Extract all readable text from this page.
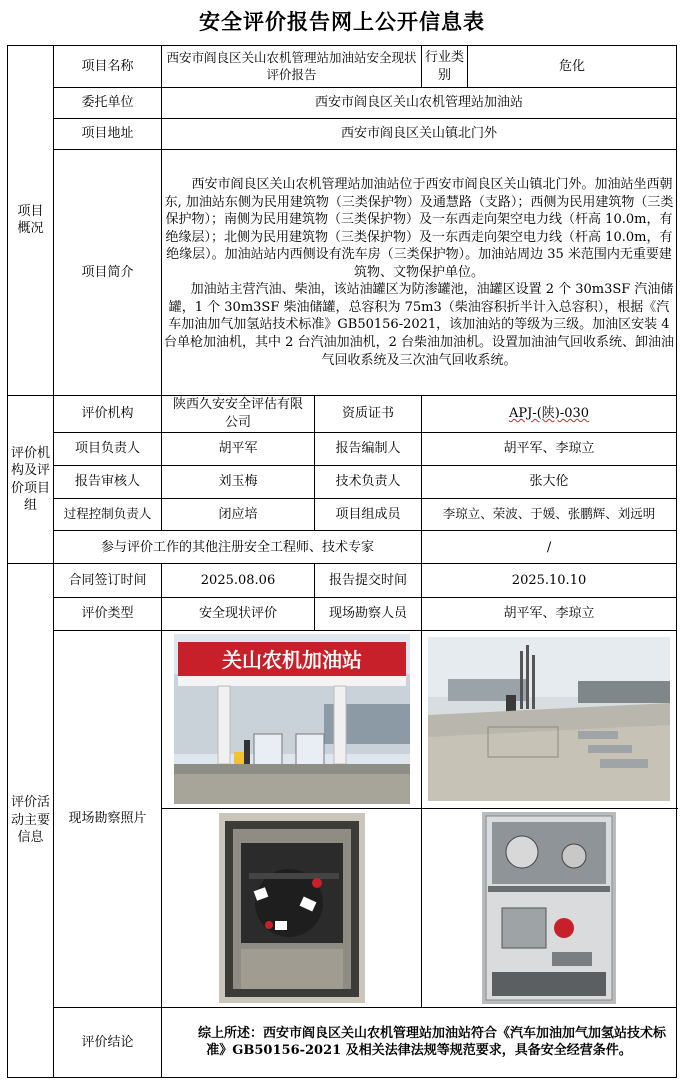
安全评价报告网上公开信息表
项目概况	项目名称	西安市阎良区关山农机管理站加油站安全现状评价报告		行业类别	危化
	委托单位	西安市阎良区关山农机管理站加油站			
	项目地址	西安市阎良区关山镇北门外			
	项目简介	西安市阎良区关山农机管理站加油站位于西安市阎良区关山镇北门外。加油站坐西朝东, 加油站东侧为民用建筑物（三类保护物）及通慧路（支路）；西侧为民用建筑物（三类保护物）；南侧为民用建筑物（三类保护物）及一东西走向架空电力线（杆高 10.0m，有绝缘层）；北侧为民用建筑物（三类保护物）及一东西走向架空电力线（杆高 10.0m，有绝缘层）。加油站站内西侧设有洗车房（三类保护物）。加油站周边 35 米范围内无重要建筑物、文物保护单位。

加油站主营汽油、柴油，该站油罐区为防渗罐池，油罐区设置 2 个 30m3SF 汽油储罐，1 个 30m3SF 柴油储罐，总容积为 75m3（柴油容积折半计入总容积），根据《汽车加油加气加氢站技术标准》GB50156-2021，该加油站的等级为三级。加油区安装 4 台单枪加油机，其中 2 台汽油加油机，2 台柴油加油机。设置加油油气回收系统、卸油油气回收系统及三次油气回收系统。			

评价机构及评价项目组	评价机构	陕西久安安全评估有限公司	资质证书	APJ-(陕)-030	
	项目负责人	胡平军	报告编制人	胡平军、李琼立	
	报告审核人	刘玉梅	技术负责人	张大伦	
	过程控制负责人	闭应培	项目组成员	李琼立、荣波、于媛、张鹏辉、刘远明	
	参与评价工作的其他注册安全工程师、技术专家			/	
评价活动主要信息	合同签订时间	2025.08.06	报告提交时间	2025.10.10	
	评价类型	安全现状评价	现场勘察人员	胡平军、李琼立	
	现场勘察照片	关山农机加油站

	评价结论	综上所述：西安市阎良区关山农机管理站加油站符合《汽车加油加气加氢站技术标准》GB50156-2021 及相关法律法规等规范要求，具备安全经营条件。			
